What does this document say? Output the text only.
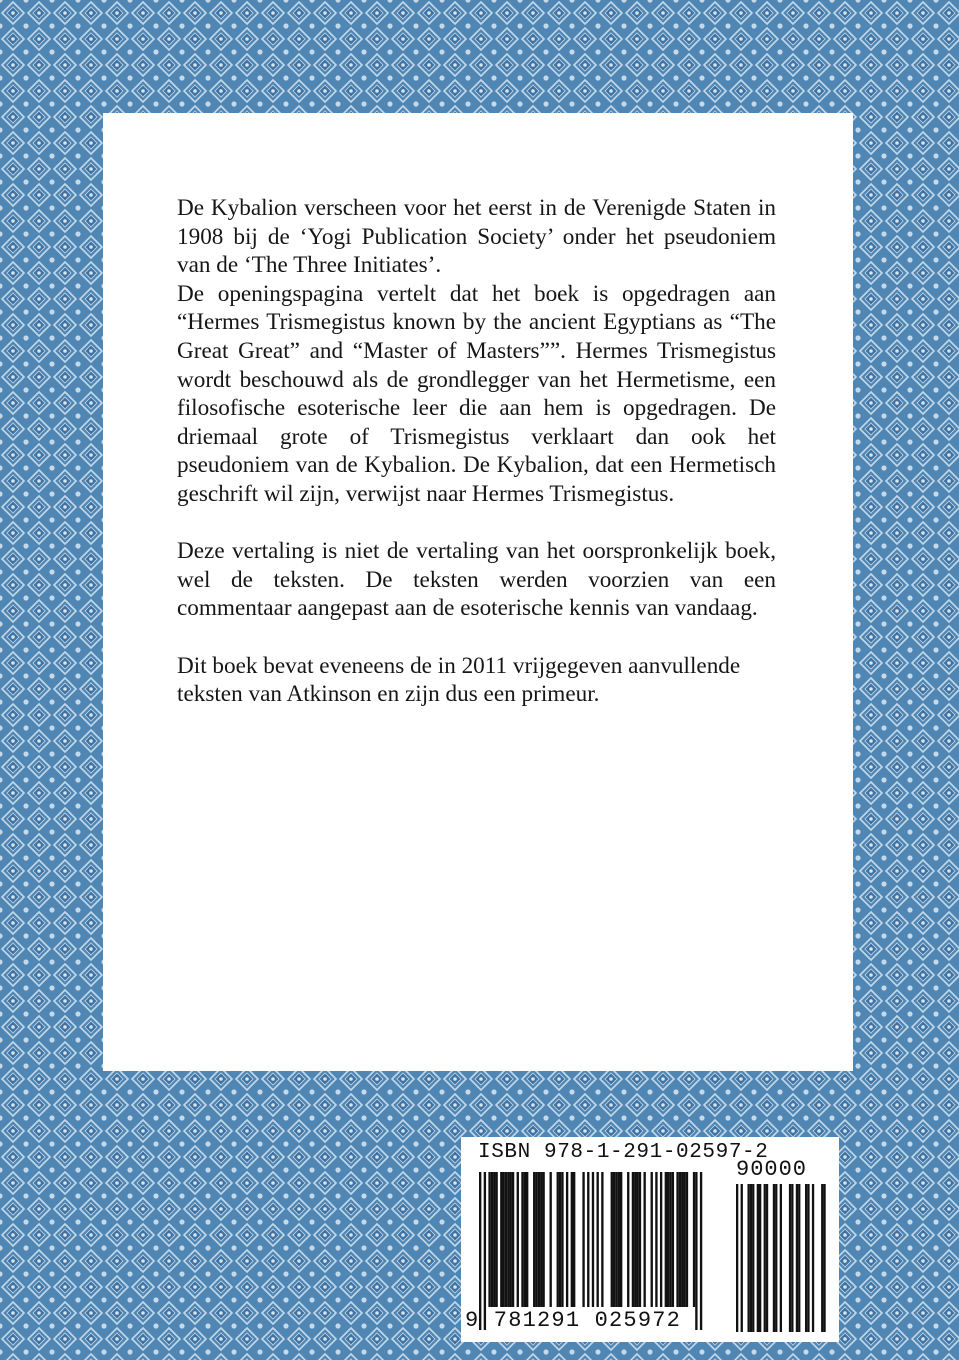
De Kybalion verscheen voor het eerst in de Verenigde Staten in 1908 bij de ‘Yogi Publication Society’ onder het pseudoniem van de ‘The Three Initiates’.

De openingspagina vertelt dat het boek is opgedragen aan “Hermes Trismegistus known by the ancient Egyptians as “The Great Great” and “Master of Masters””. Hermes Trismegistus wordt beschouwd als de grondlegger van het Hermetisme, een filosofische esoterische leer die aan hem is opgedragen. De driemaal grote of Trismegistus verklaart dan ook het pseudoniem van de Kybalion. De Kybalion, dat een Hermetisch geschrift wil zijn, verwijst naar Hermes Trismegistus.

Deze vertaling is niet de vertaling van het oorspronkelijk boek, wel de teksten. De teksten werden voorzien van een commentaar aangepast aan de esoterische kennis van vandaag.

Dit boek bevat eveneens de in 2011 vrijgegeven aanvullende teksten van Atkinson en zijn dus een primeur.

ISBN 978-1-291-02597-2
90000
9 781291 025972
